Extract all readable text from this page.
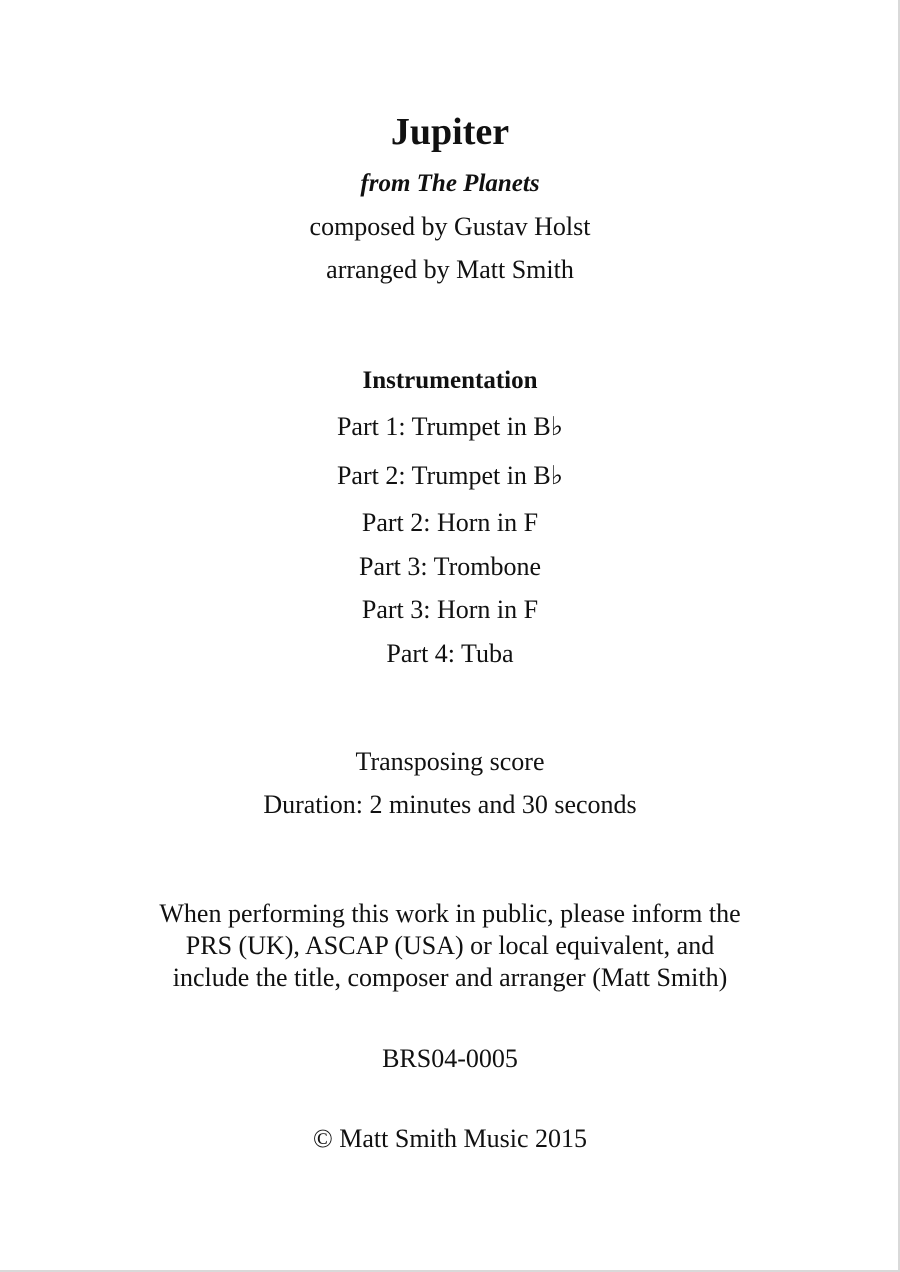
Jupiter

from The Planets

composed by Gustav Holst

arranged by Matt Smith

Instrumentation
Part 1: Trumpet in B♭
Part 2: Trumpet in B♭
Part 2: Horn in F
Part 3: Trombone
Part 3: Horn in F
Part 4: Tuba

Transposing score

Duration: 2 minutes and 30 seconds

When performing this work in public, please inform the
PRS (UK), ASCAP (USA) or local equivalent, and
include the title, composer and arranger (Matt Smith)

BRS04-0005

© Matt Smith Music 2015
